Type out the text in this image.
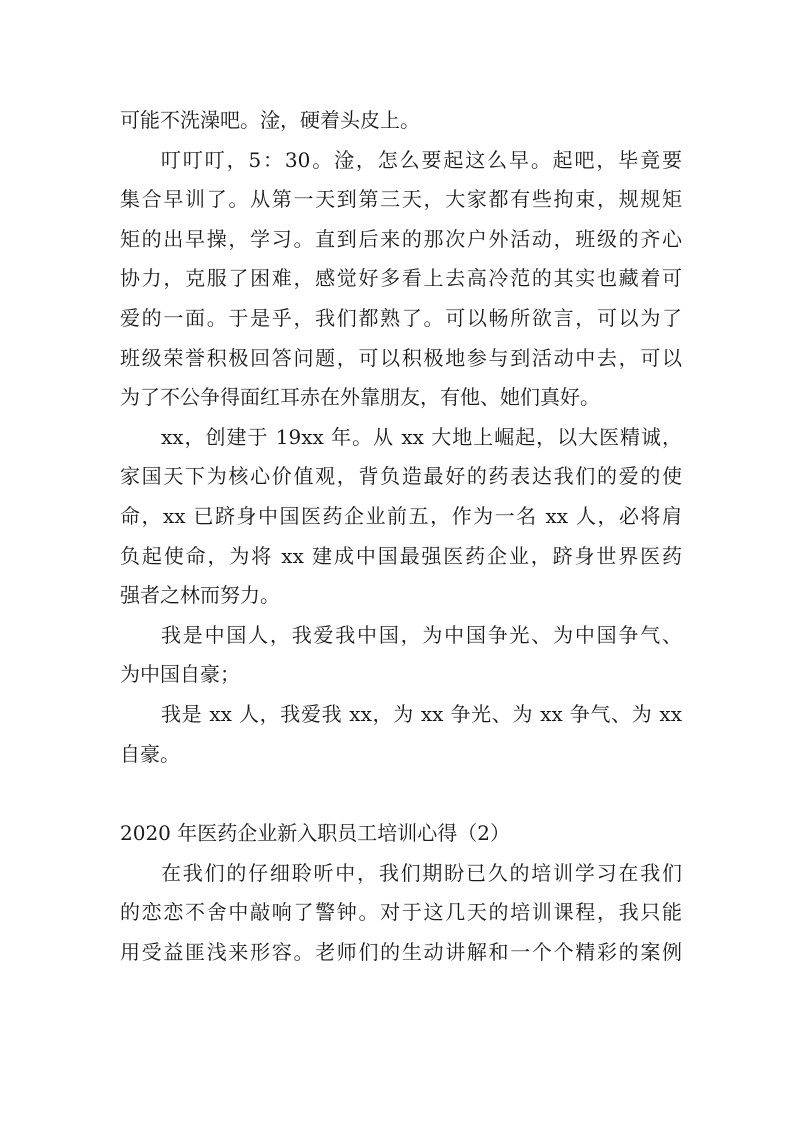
可能不洗澡吧。淦，硬着头皮上。
叮叮叮，5：30。淦，怎么要起这么早。起吧，毕竟要
集合早训了。从第一天到第三天，大家都有些拘束，规规矩
矩的出早操，学习。直到后来的那次户外活动，班级的齐心
协力，克服了困难，感觉好多看上去高冷范的其实也藏着可
爱的一面。于是乎，我们都熟了。可以畅所欲言，可以为了
班级荣誉积极回答问题，可以积极地参与到活动中去，可以
为了不公争得面红耳赤在外靠朋友，有他、她们真好。
xx，创建于 19xx 年。从 xx 大地上崛起，以大医精诚，
家国天下为核心价值观，背负造最好的药表达我们的爱的使
命，xx 已跻身中国医药企业前五，作为一名 xx 人，必将肩
负起使命，为将 xx 建成中国最强医药企业，跻身世界医药
强者之林而努力。
我是中国人，我爱我中国，为中国争光、为中国争气、
为中国自豪；
我是 xx 人，我爱我 xx，为 xx 争光、为 xx 争气、为 xx
自豪。
2020 年医药企业新入职员工培训心得（2）
在我们的仔细聆听中，我们期盼已久的培训学习在我们
的恋恋不舍中敲响了警钟。对于这几天的培训课程，我只能
用受益匪浅来形容。老师们的生动讲解和一个个精彩的案例
